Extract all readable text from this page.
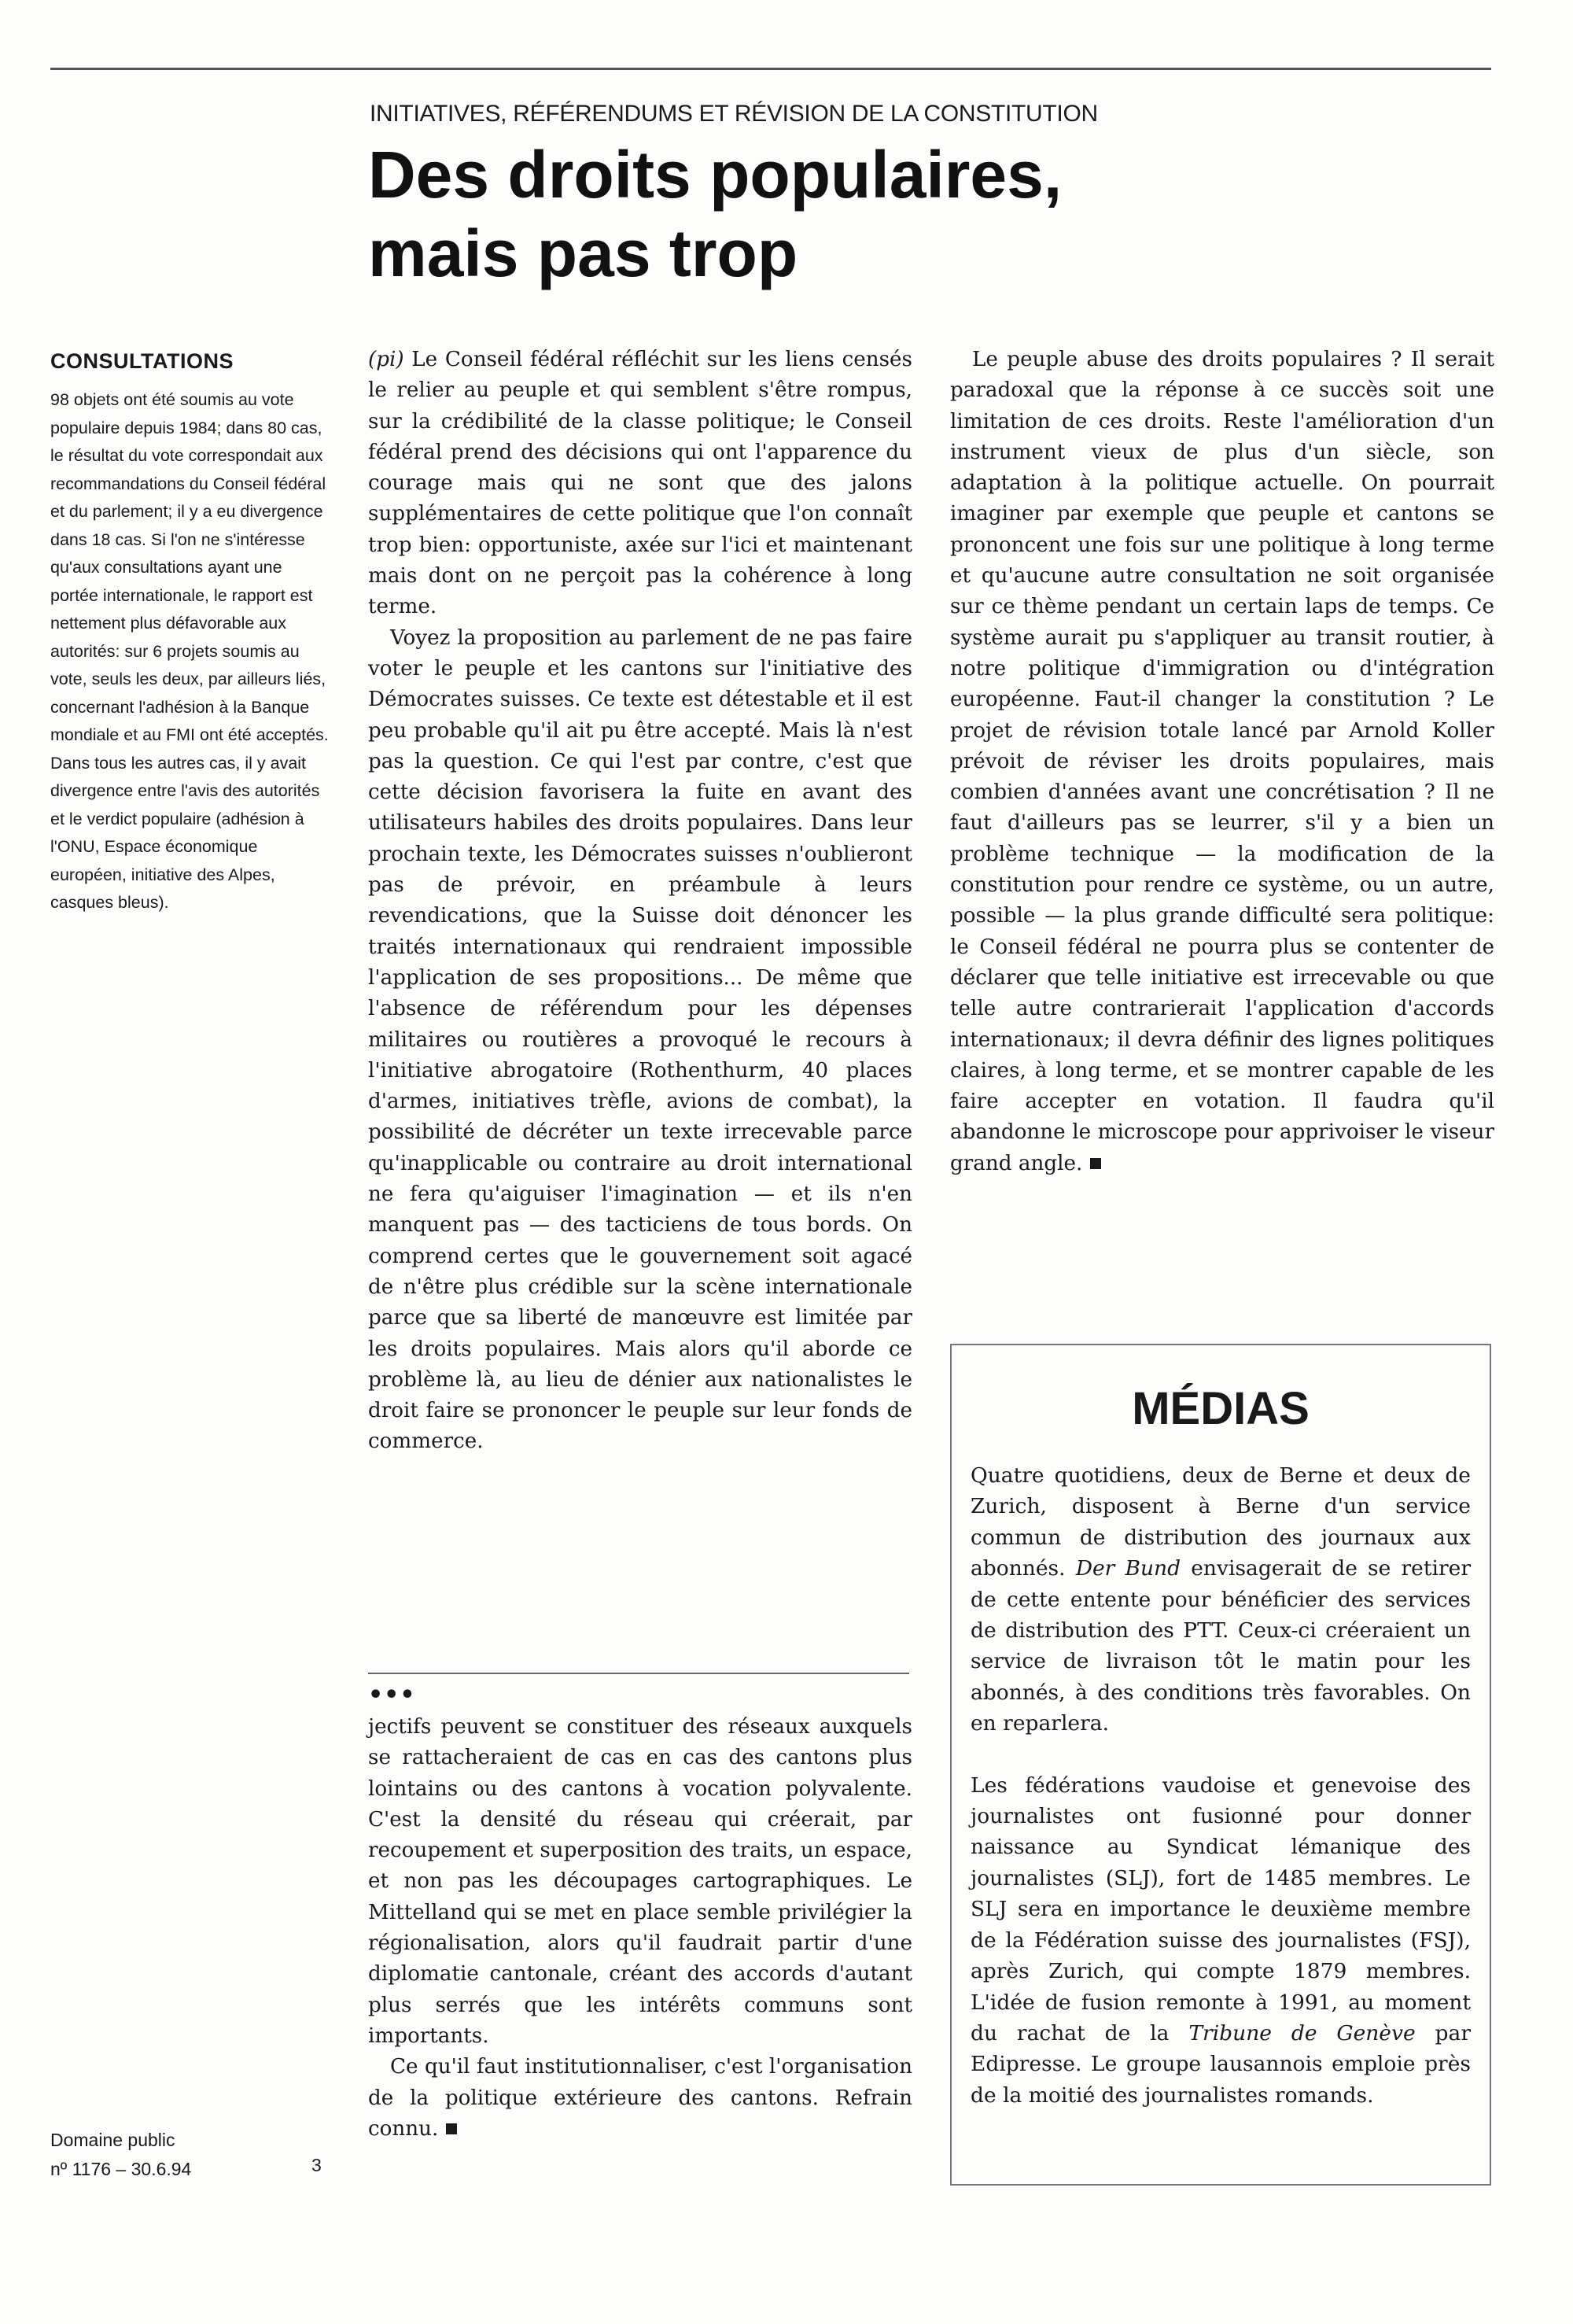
INITIATIVES, RÉFÉRENDUMS ET RÉVISION DE LA CONSTITUTION
Des droits populaires,
mais pas trop
CONSULTATIONS
98 objets ont été soumis au vote populaire depuis 1984; dans 80 cas, le résultat du vote correspondait aux recommandations du Conseil fédéral et du parlement; il y a eu divergence dans 18 cas. Si l'on ne s'intéresse qu'aux consultations ayant une portée internationale, le rapport est nettement plus défavorable aux autorités: sur 6 projets soumis au vote, seuls les deux, par ailleurs liés, concernant l'adhésion à la Banque mondiale et au FMI ont été acceptés. Dans tous les autres cas, il y avait divergence entre l'avis des autorités et le verdict populaire (adhésion à l'ONU, Espace économique européen, initiative des Alpes, casques bleus).

(pi) Le Conseil fédéral réfléchit sur les liens censés le relier au peuple et qui semblent s'être rompus, sur la crédibilité de la classe politique; le Conseil fédéral prend des décisions qui ont l'apparence du courage mais qui ne sont que des jalons supplémentaires de cette politique que l'on connaît trop bien: opportuniste, axée sur l'ici et maintenant mais dont on ne perçoit pas la cohérence à long terme.

Voyez la proposition au parlement de ne pas faire voter le peuple et les cantons sur l'initiative des Démocrates suisses. Ce texte est détestable et il est peu probable qu'il ait pu être accepté. Mais là n'est pas la question. Ce qui l'est par contre, c'est que cette décision favorisera la fuite en avant des utilisateurs habiles des droits populaires. Dans leur prochain texte, les Démocrates suisses n'oublieront pas de prévoir, en préambule à leurs revendications, que la Suisse doit dénoncer les traités internationaux qui rendraient impossible l'application de ses propositions... De même que l'absence de référendum pour les dépenses militaires ou routières a provoqué le recours à l'initiative abrogatoire (Rothenthurm, 40 places d'armes, initiatives trèfle, avions de combat), la possibilité de décréter un texte irrecevable parce qu'inapplicable ou contraire au droit international ne fera qu'aiguiser l'imagination — et ils n'en manquent pas — des tacticiens de tous bords. On comprend certes que le gouvernement soit agacé de n'être plus crédible sur la scène internationale parce que sa liberté de manœuvre est limitée par les droits populaires. Mais alors qu'il aborde ce problème là, au lieu de dénier aux nationalistes le droit faire se prononcer le peuple sur leur fonds de commerce.

•••

jectifs peuvent se constituer des réseaux auxquels se rattacheraient de cas en cas des cantons plus lointains ou des cantons à vocation polyvalente. C'est la densité du réseau qui créerait, par recoupement et superposition des traits, un espace, et non pas les découpages cartographiques. Le Mittelland qui se met en place semble privilégier la régionalisation, alors qu'il faudrait partir d'une diplomatie cantonale, créant des accords d'autant plus serrés que les intérêts communs sont importants.

Ce qu'il faut institutionnaliser, c'est l'organisation de la politique extérieure des cantons. Refrain connu.

Le peuple abuse des droits populaires ? Il serait paradoxal que la réponse à ce succès soit une limitation de ces droits. Reste l'amélioration d'un instrument vieux de plus d'un siècle, son adaptation à la politique actuelle. On pourrait imaginer par exemple que peuple et cantons se prononcent une fois sur une politique à long terme et qu'aucune autre consultation ne soit organisée sur ce thème pendant un certain laps de temps. Ce système aurait pu s'appliquer au transit routier, à notre politique d'immigration ou d'intégration européenne. Faut-il changer la constitution ? Le projet de révision totale lancé par Arnold Koller prévoit de réviser les droits populaires, mais combien d'années avant une concrétisation ? Il ne faut d'ailleurs pas se leurrer, s'il y a bien un problème technique — la modification de la constitution pour rendre ce système, ou un autre, possible — la plus grande difficulté sera politique: le Conseil fédéral ne pourra plus se contenter de déclarer que telle initiative est irrecevable ou que telle autre contrarierait l'application d'accords internationaux; il devra définir des lignes politiques claires, à long terme, et se montrer capable de les faire accepter en votation. Il faudra qu'il abandonne le microscope pour apprivoiser le viseur grand angle.

MÉDIAS

Quatre quotidiens, deux de Berne et deux de Zurich, disposent à Berne d'un service commun de distribution des journaux aux abonnés. Der Bund envisagerait de se retirer de cette entente pour bénéficier des services de distribution des PTT. Ceux-ci créeraient un service de livraison tôt le matin pour les abonnés, à des conditions très favorables. On en reparlera.

Les fédérations vaudoise et genevoise des journalistes ont fusionné pour donner naissance au Syndicat lémanique des journalistes (SLJ), fort de 1485 membres. Le SLJ sera en importance le deuxième membre de la Fédération suisse des journalistes (FSJ), après Zurich, qui compte 1879 membres. L'idée de fusion remonte à 1991, au moment du rachat de la Tribune de Genève par Edipresse. Le groupe lausannois emploie près de la moitié des journalistes romands.

Domaine public
nº 1176 – 30.6.94	3
